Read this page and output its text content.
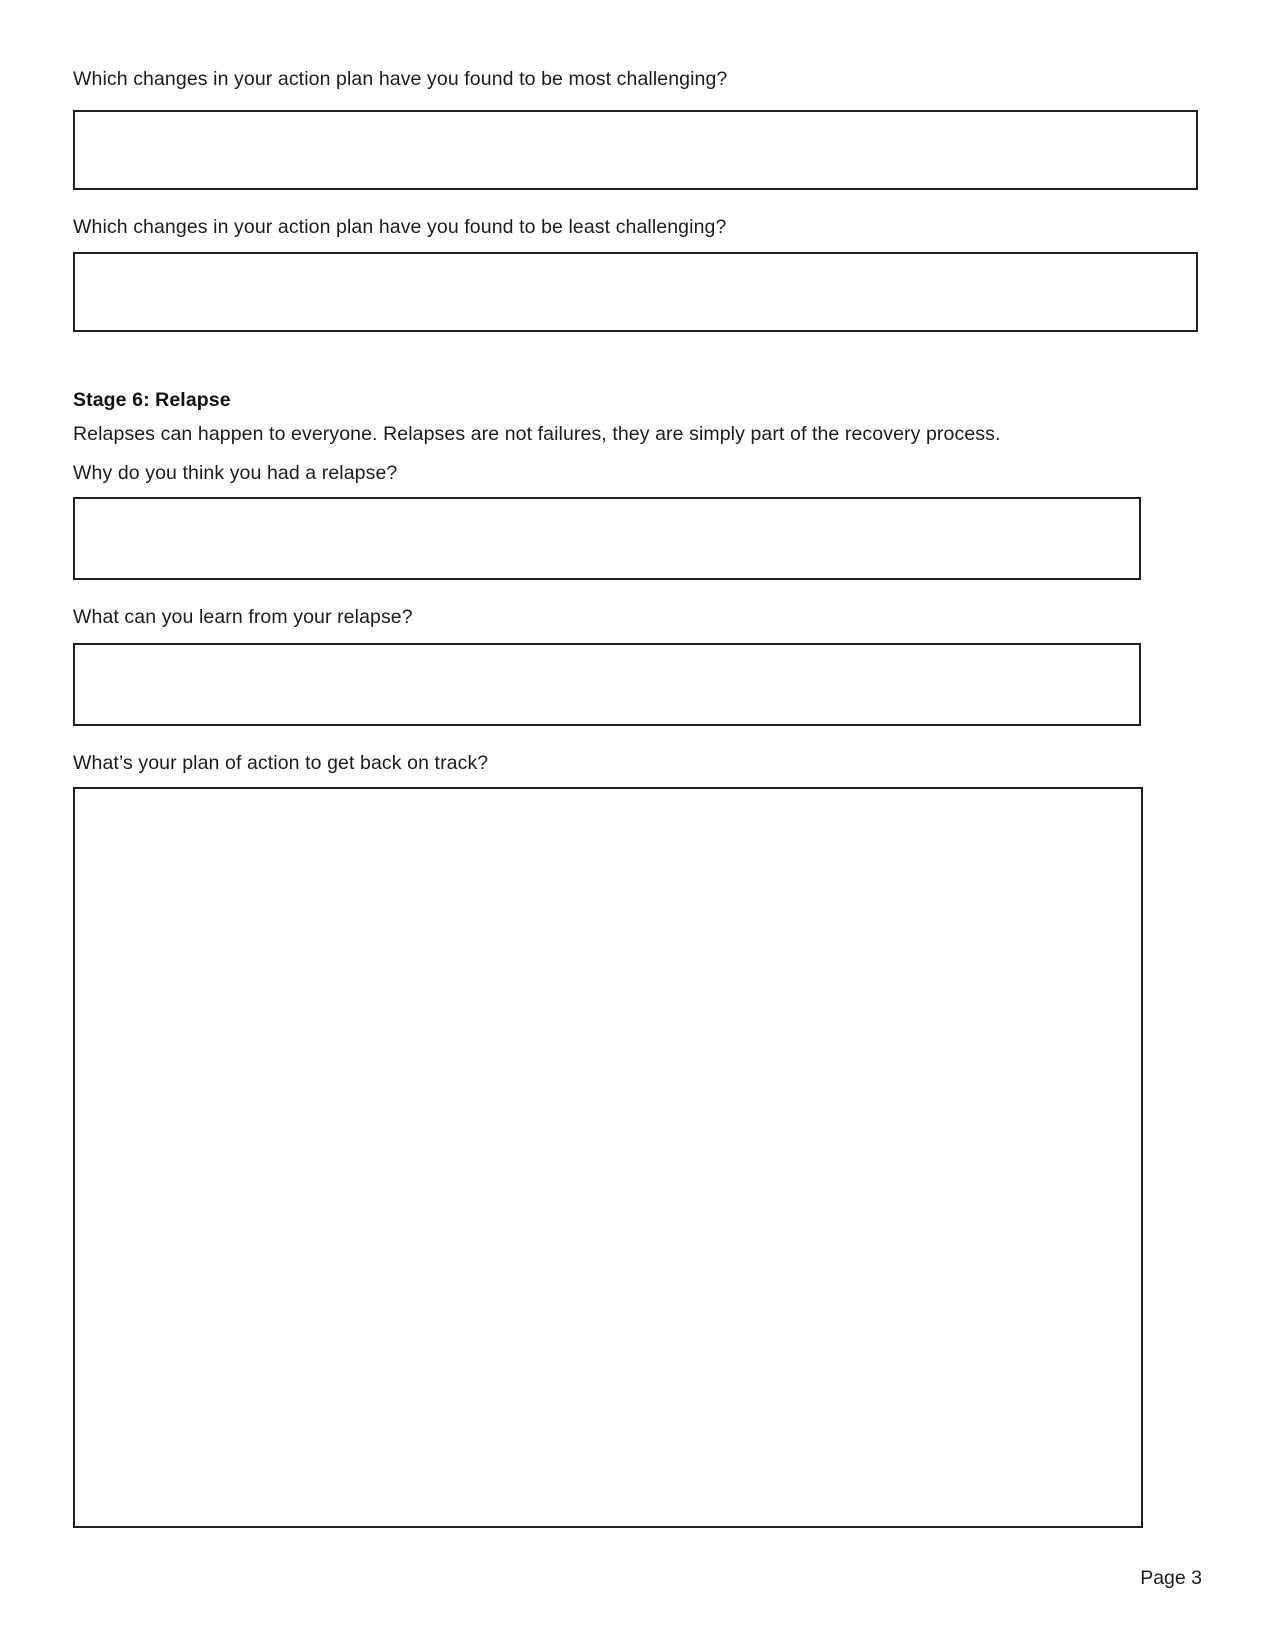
Which changes in your action plan have you found to be most challenging?
Which changes in your action plan have you found to be least challenging?
Stage 6: Relapse
Relapses can happen to everyone. Relapses are not failures, they are simply part of the recovery process.
Why do you think you had a relapse?
What can you learn from your relapse?
What’s your plan of action to get back on track?
Page 3
